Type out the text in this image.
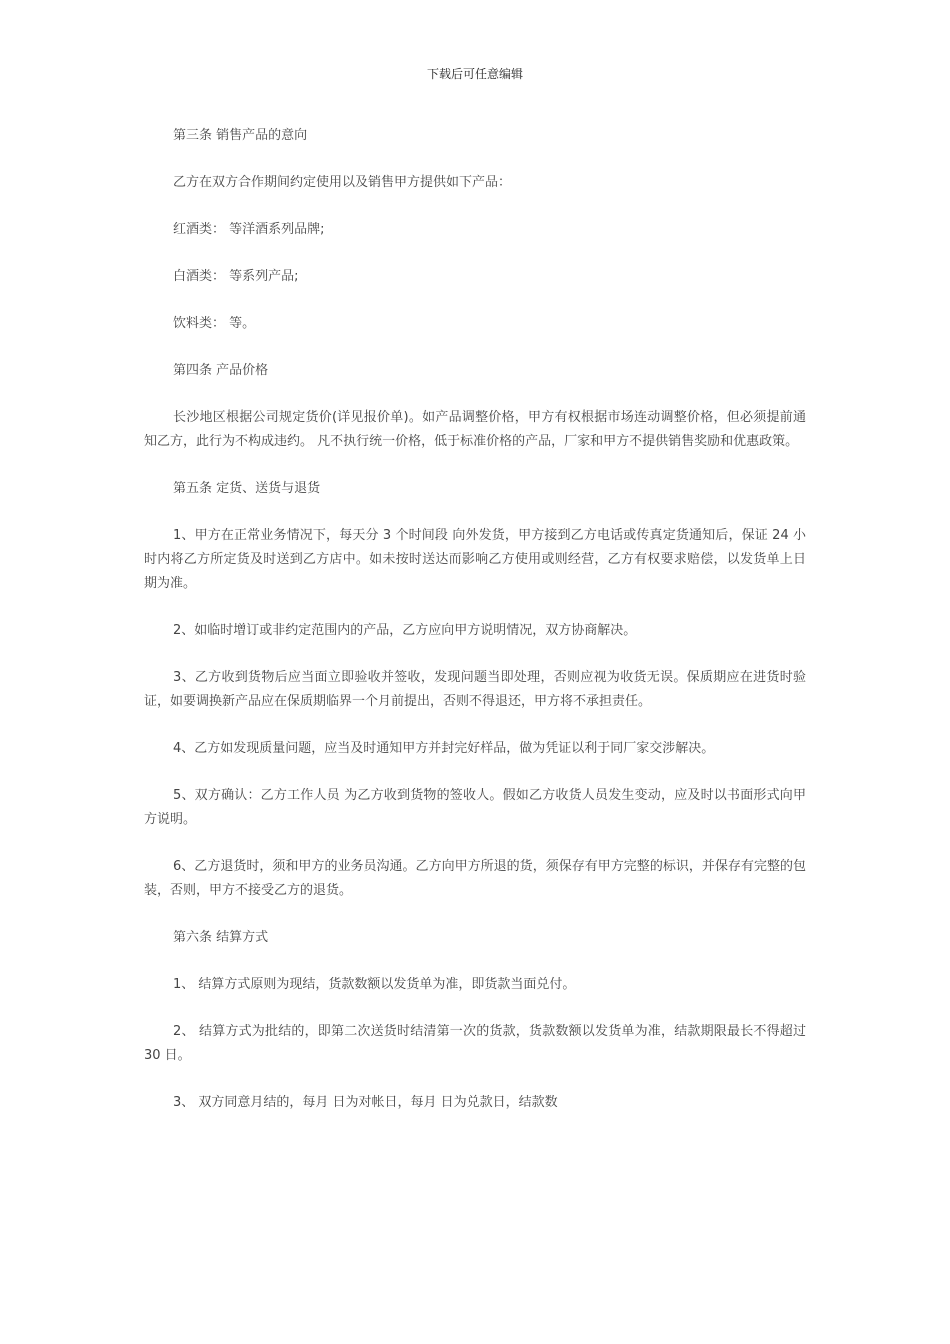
下载后可任意编辑

第三条 销售产品的意向

乙方在双方合作期间约定使用以及销售甲方提供如下产品：

红酒类： 等洋酒系列品牌;

白酒类： 等系列产品;

饮料类： 等。

第四条 产品价格

长沙地区根据公司规定货价(详见报价单)。如产品调整价格，甲方有权根据市场连动调整价格，但必须提前通知乙方，此行为不构成违约。 凡不执行统一价格，低于标准价格的产品，厂家和甲方不提供销售奖励和优惠政策。

第五条 定货、送货与退货

1、甲方在正常业务情况下，每天分 3 个时间段 向外发货，甲方接到乙方电话或传真定货通知后，保证 24 小时内将乙方所定货及时送到乙方店中。如未按时送达而影响乙方使用或则经营，乙方有权要求赔偿，以发货单上日期为准。

2、如临时增订或非约定范围内的产品，乙方应向甲方说明情况，双方协商解决。

3、乙方收到货物后应当面立即验收并签收，发现问题当即处理，否则应视为收货无误。保质期应在进货时验证，如要调换新产品应在保质期临界一个月前提出，否则不得退还，甲方将不承担责任。

4、乙方如发现质量问题，应当及时通知甲方并封完好样品，做为凭证以利于同厂家交涉解决。

5、双方确认：乙方工作人员 为乙方收到货物的签收人。假如乙方收货人员发生变动，应及时以书面形式向甲方说明。

6、乙方退货时，须和甲方的业务员沟通。乙方向甲方所退的货，须保存有甲方完整的标识，并保存有完整的包装，否则，甲方不接受乙方的退货。

第六条 结算方式

1、 结算方式原则为现结，货款数额以发货单为准，即货款当面兑付。

2、 结算方式为批结的，即第二次送货时结清第一次的货款，货款数额以发货单为准，结款期限最长不得超过 30 日。

3、 双方同意月结的，每月 日为对帐日，每月 日为兑款日，结款数
